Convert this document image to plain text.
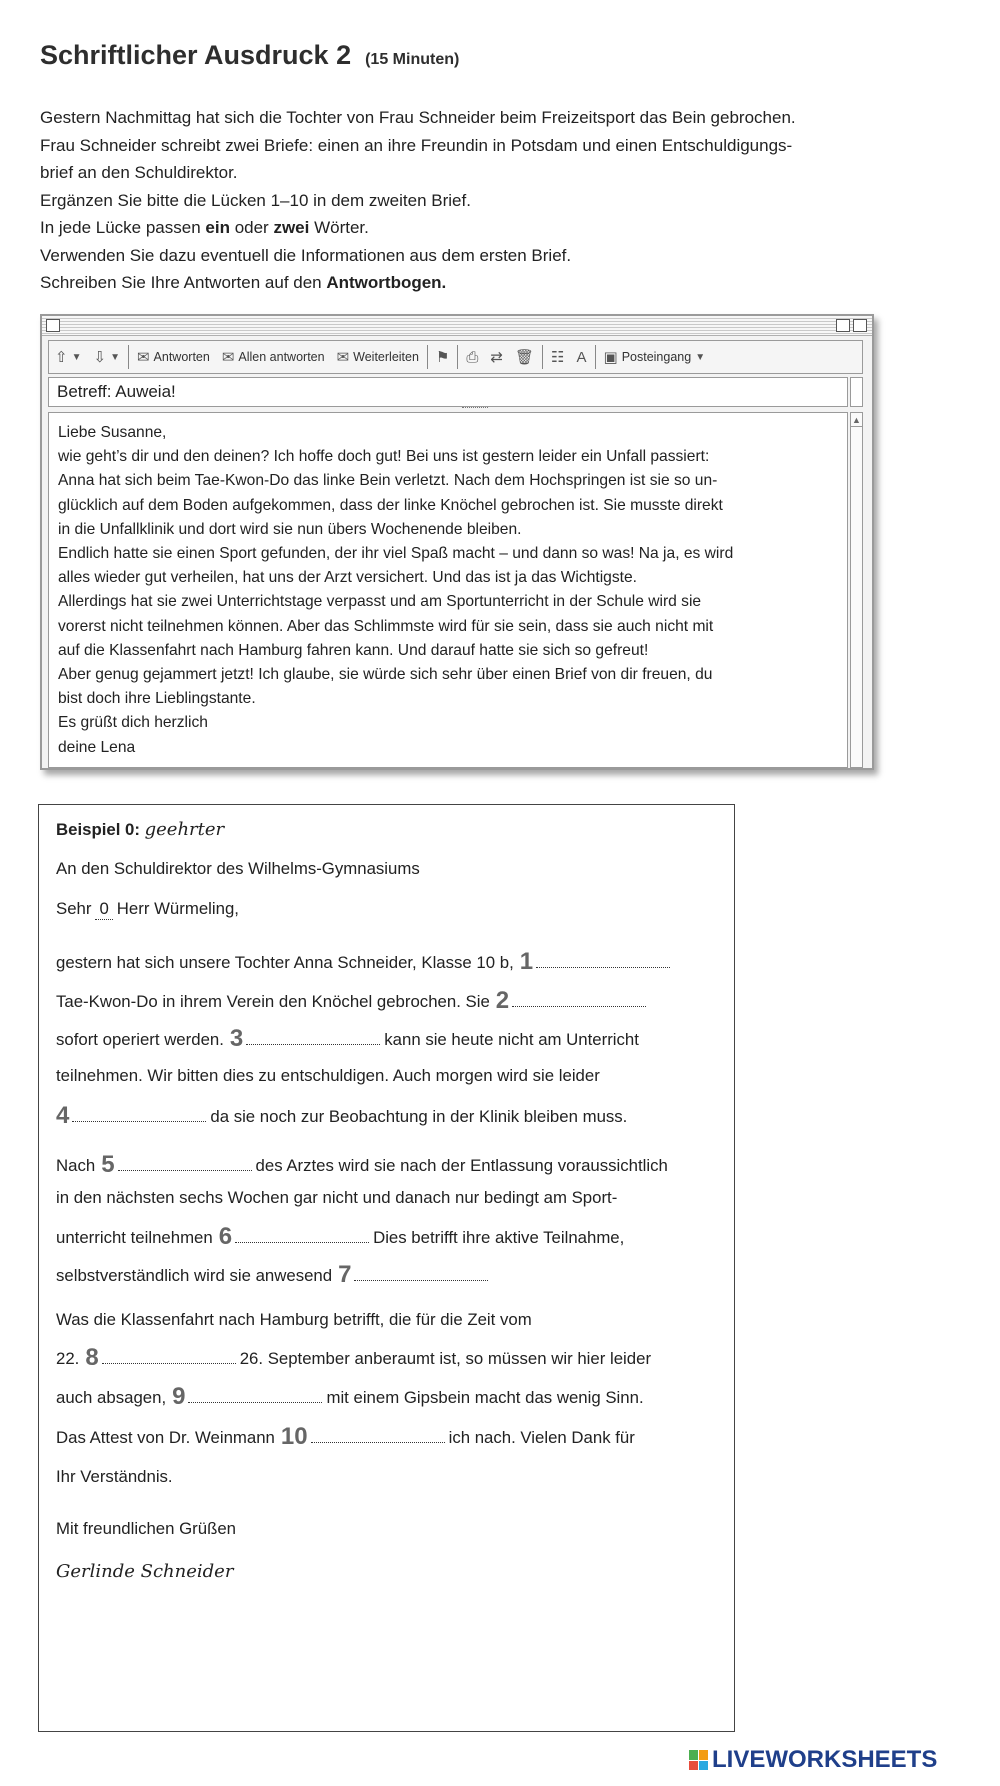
Schriftlicher Ausdruck 2 (15 Minuten)

Gestern Nachmittag hat sich die Tochter von Frau Schneider beim Freizeitsport das Bein gebrochen.

Frau Schneider schreibt zwei Briefe: einen an ihre Freundin in Potsdam und einen Entschuldigungs-

brief an den Schuldirektor.

Ergänzen Sie bitte die Lücken 1–10 in dem zweiten Brief.

In jede Lücke passen ein oder zwei Wörter.

Verwenden Sie dazu eventuell die Informationen aus dem ersten Brief.

Schreiben Sie Ihre Antworten auf den Antwortbogen.

⇧ ▼ ⇩ ▼ ✉ Antworten ✉ Allen antworten ✉ Weiterleiten ⚑ ⎙ ⇄ 🗑 ☷ A ▣ Posteingang ▼
Betreff: Auweia!

Liebe Susanne,

wie geht’s dir und den deinen? Ich hoffe doch gut! Bei uns ist gestern leider ein Unfall passiert:

Anna hat sich beim Tae-Kwon-Do das linke Bein verletzt. Nach dem Hochspringen ist sie so un-

glücklich auf dem Boden aufgekommen, dass der linke Knöchel gebrochen ist. Sie musste direkt

in die Unfallklinik und dort wird sie nun übers Wochenende bleiben.

Endlich hatte sie einen Sport gefunden, der ihr viel Spaß macht – und dann so was! Na ja, es wird

alles wieder gut verheilen, hat uns der Arzt versichert. Und das ist ja das Wichtigste.

Allerdings hat sie zwei Unterrichtstage verpasst und am Sportunterricht in der Schule wird sie

vorerst nicht teilnehmen können. Aber das Schlimmste wird für sie sein, dass sie auch nicht mit

auf die Klassenfahrt nach Hamburg fahren kann. Und darauf hatte sie sich so gefreut!

Aber genug gejammert jetzt! Ich glaube, sie würde sich sehr über einen Brief von dir freuen, du

bist doch ihre Lieblingstante.

Es grüßt dich herzlich

deine Lena

▲
Beispiel 0: geehrter
An den Schuldirektor des Wilhelms-Gymnasiums
Sehr 0 Herr Würmeling,
gestern hat sich unsere Tochter Anna Schneider, Klasse 10 b, 1
Tae-Kwon-Do in ihrem Verein den Knöchel gebrochen. Sie 2
sofort operiert werden. 3	kann sie heute nicht am Unterricht
teilnehmen. Wir bitten dies zu entschuldigen. Auch morgen wird sie leider
4	da sie noch zur Beobachtung in der Klinik bleiben muss.
Nach 5	des Arztes wird sie nach der Entlassung voraussichtlich
in den nächsten sechs Wochen gar nicht und danach nur bedingt am Sport-
unterricht teilnehmen 6	Dies betrifft ihre aktive Teilnahme,
selbstverständlich wird sie anwesend 7
Was die Klassenfahrt nach Hamburg betrifft, die für die Zeit vom
22. 8	26. September anberaumt ist, so müssen wir hier leider
auch absagen, 9	mit einem Gipsbein macht das wenig Sinn.
Das Attest von Dr. Weinmann 10	ich nach. Vielen Dank für
Ihr Verständnis.
Mit freundlichen Grüßen
Gerlinde Schneider
LIVEWORKSHEETS
